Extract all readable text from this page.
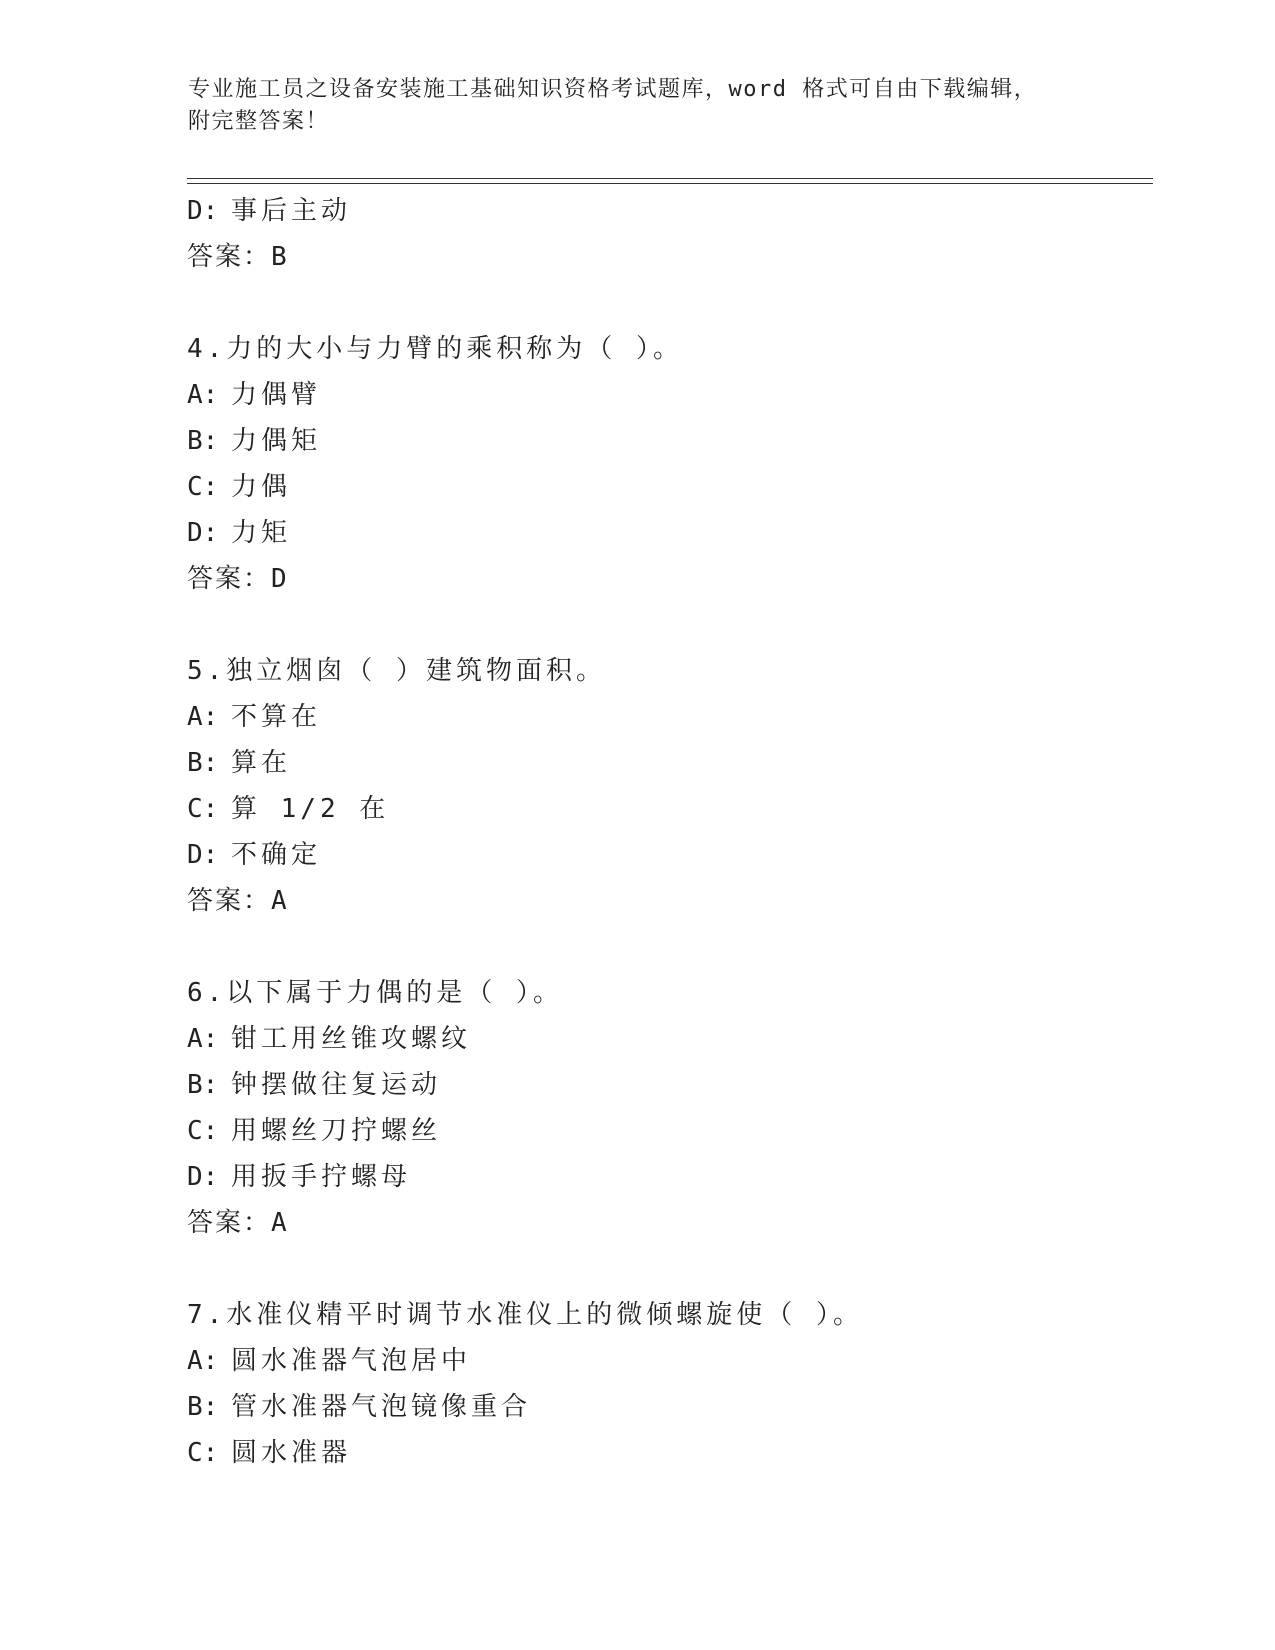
专业施工员之设备安装施工基础知识资格考试题库，word 格式可自由下载编辑，
附完整答案！
D: 事后主动
答案：B
4.力的大小与力臂的乘积称为（ ）。
A: 力偶臂
B: 力偶矩
C: 力偶
D: 力矩
答案：D
5.独立烟囱（ ）建筑物面积。
A: 不算在
B: 算在
C: 算 1/2 在
D: 不确定
答案：A
6.以下属于力偶的是（ ）。
A: 钳工用丝锥攻螺纹
B: 钟摆做往复运动
C: 用螺丝刀拧螺丝
D: 用扳手拧螺母
答案：A
7.水准仪精平时调节水准仪上的微倾螺旋使（ ）。
A: 圆水准器气泡居中
B: 管水准器气泡镜像重合
C: 圆水准器
